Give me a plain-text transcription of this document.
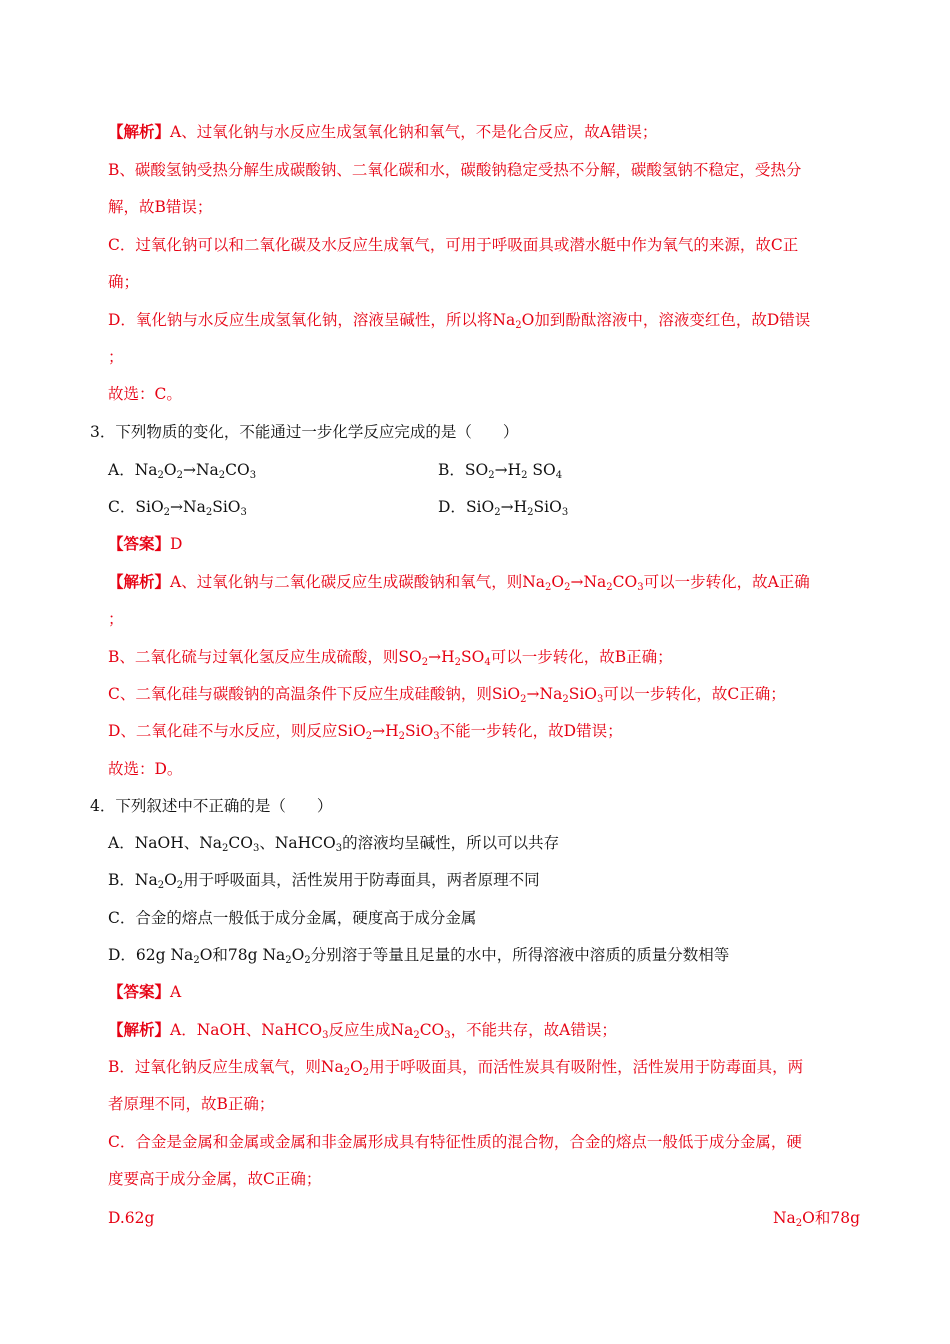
【解析】A、过氧化钠与水反应生成氢氧化钠和氧气，不是化合反应，故A错误；
B、碳酸氢钠受热分解生成碳酸钠、二氧化碳和水，碳酸钠稳定受热不分解，碳酸氢钠不稳定，受热分
解，故B错误；
C．过氧化钠可以和二氧化碳及水反应生成氧气，可用于呼吸面具或潜水艇中作为氧气的来源，故C正
确；
D．氧化钠与水反应生成氢氧化钠，溶液呈碱性，所以将$Na_2O$加到酚酞溶液中，溶液变红色，故D错误
；
故选：C。
3．下列物质的变化，不能通过一步化学反应完成的是（　　）
A．$Na_2O_2\to Na_2CO_3$	B．$SO_2\to H_2$ $SO_4$
C．$SiO_2\to Na_2SiO_3$	D．$SiO_2\to H_2SiO_3$
【答案】D
【解析】A、过氧化钠与二氧化碳反应生成碳酸钠和氧气，则$Na_2O_2\to Na_2CO_3$可以一步转化，故A正确
；
B、二氧化硫与过氧化氢反应生成硫酸，则$SO_2\to H_2SO_4$可以一步转化，故B正确；
C、二氧化硅与碳酸钠的高温条件下反应生成硅酸钠，则$SiO_2\to Na_2SiO_3$可以一步转化，故C正确；
D、二氧化硅不与水反应，则反应$SiO_2\to H_2SiO_3$不能一步转化，故D错误；
故选：D。
4．下列叙述中不正确的是（　　）
A．NaOH、$Na_2CO_3$、NaHCO$_3$的溶液均呈碱性，所以可以共存
B．$Na_2O_2$用于呼吸面具，活性炭用于防毒面具，两者原理不同
C．合金的熔点一般低于成分金属，硬度高于成分金属
D．62g $Na_2O$和78g $Na_2O_2$分别溶于等量且足量的水中，所得溶液中溶质的质量分数相等
【答案】A
【解析】A．NaOH、NaHCO$_3$反应生成$Na_2CO_3$，不能共存，故A错误；
B．过氧化钠反应生成氧气，则$Na_2O_2$用于呼吸面具，而活性炭具有吸附性，活性炭用于防毒面具，两
者原理不同，故B正确；
C．合金是金属和金属或金属和非金属形成具有特征性质的混合物，合金的熔点一般低于成分金属，硬
度要高于成分金属，故C正确；
D.62g	$Na_2O$和78g
